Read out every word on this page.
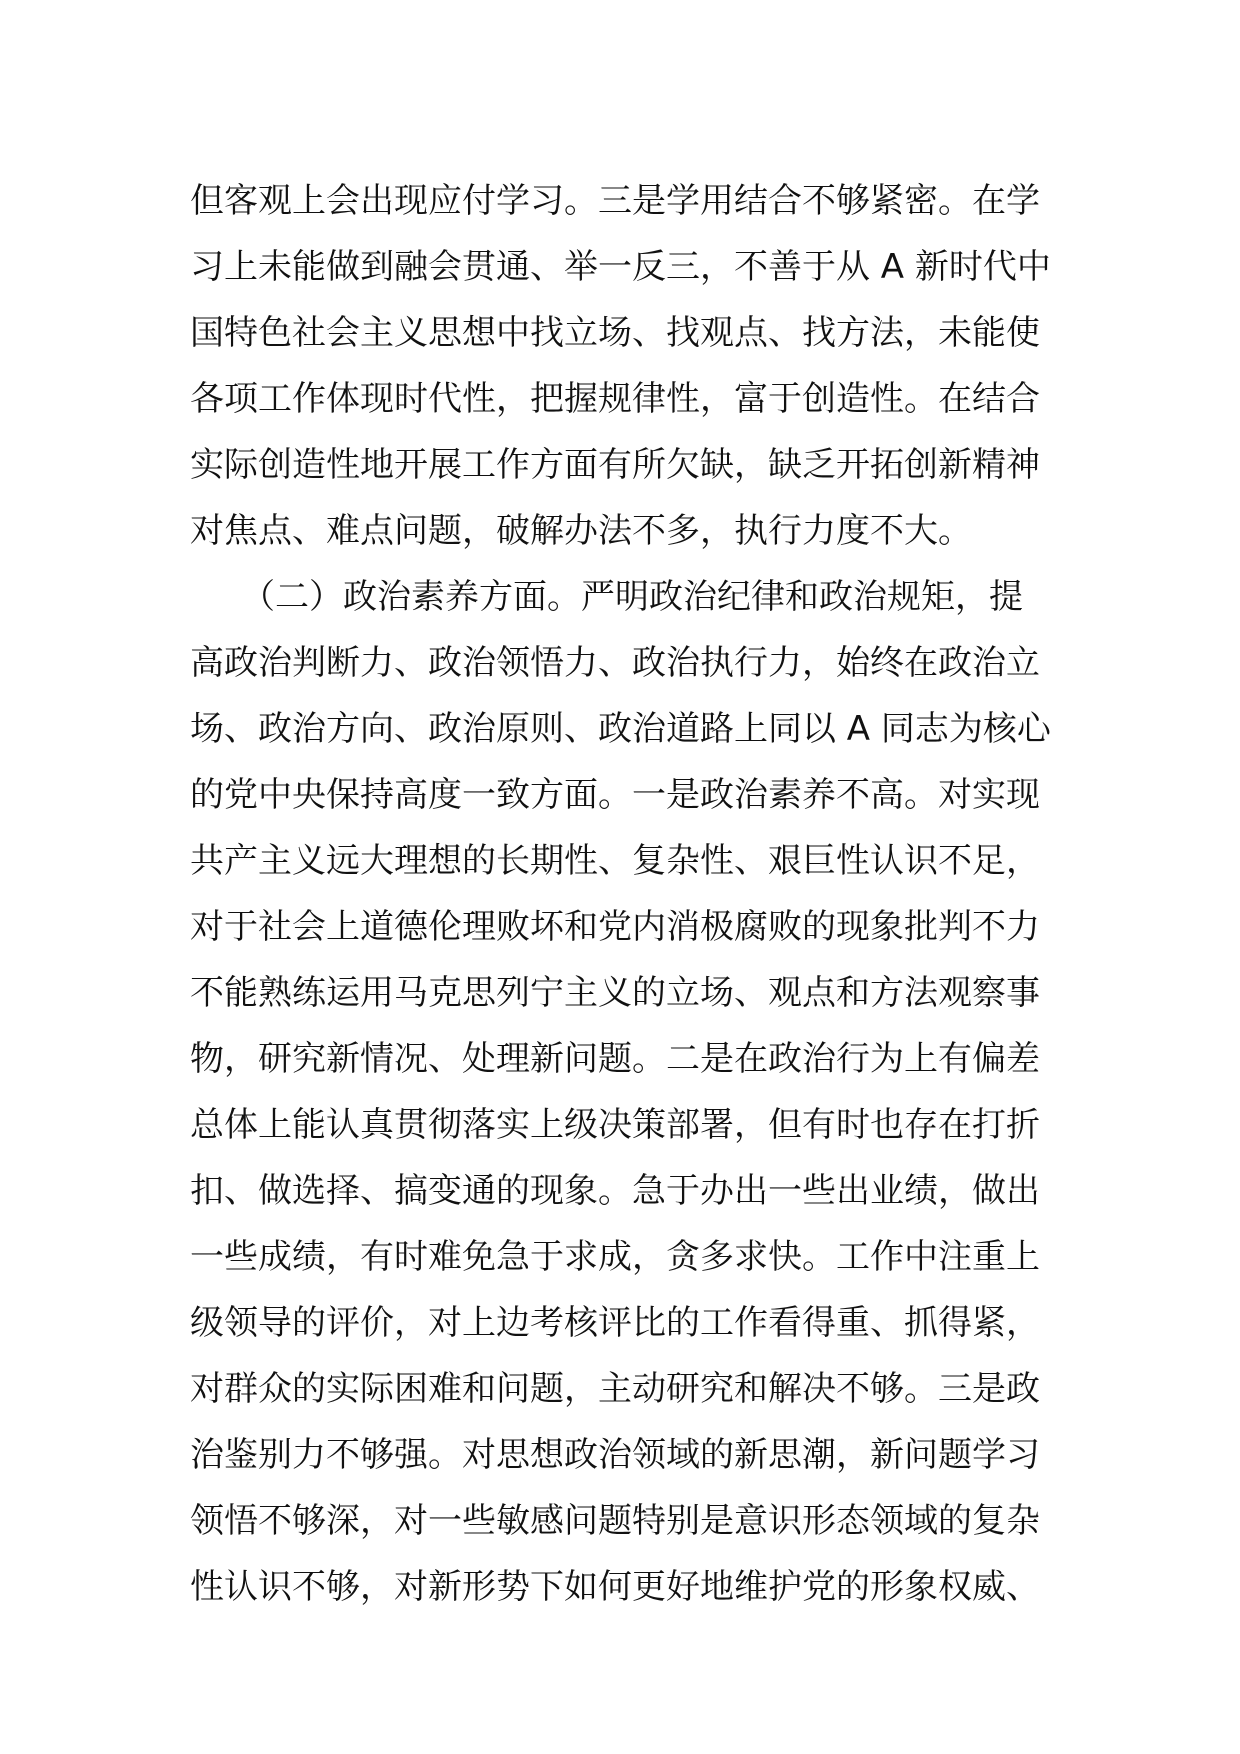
但客观上会出现应付学习。三是学用结合不够紧密。在学
习上未能做到融会贯通、举一反三，不善于从 A 新时代中
国特色社会主义思想中找立场、找观点、找方法，未能使
各项工作体现时代性，把握规律性，富于创造性。在结合
实际创造性地开展工作方面有所欠缺，缺乏开拓创新精神
对焦点、难点问题，破解办法不多，执行力度不大。
　　（二）政治素养方面。严明政治纪律和政治规矩，提
高政治判断力、政治领悟力、政治执行力，始终在政治立
场、政治方向、政治原则、政治道路上同以 A 同志为核心
的党中央保持高度一致方面。一是政治素养不高。对实现
共产主义远大理想的长期性、复杂性、艰巨性认识不足，
对于社会上道德伦理败坏和党内消极腐败的现象批判不力
不能熟练运用马克思列宁主义的立场、观点和方法观察事
物，研究新情况、处理新问题。二是在政治行为上有偏差
总体上能认真贯彻落实上级决策部署，但有时也存在打折
扣、做选择、搞变通的现象。急于办出一些出业绩，做出
一些成绩，有时难免急于求成，贪多求快。工作中注重上
级领导的评价，对上边考核评比的工作看得重、抓得紧，
对群众的实际困难和问题，主动研究和解决不够。三是政
治鉴别力不够强。对思想政治领域的新思潮，新问题学习
领悟不够深，对一些敏感问题特别是意识形态领域的复杂
性认识不够，对新形势下如何更好地维护党的形象权威、
